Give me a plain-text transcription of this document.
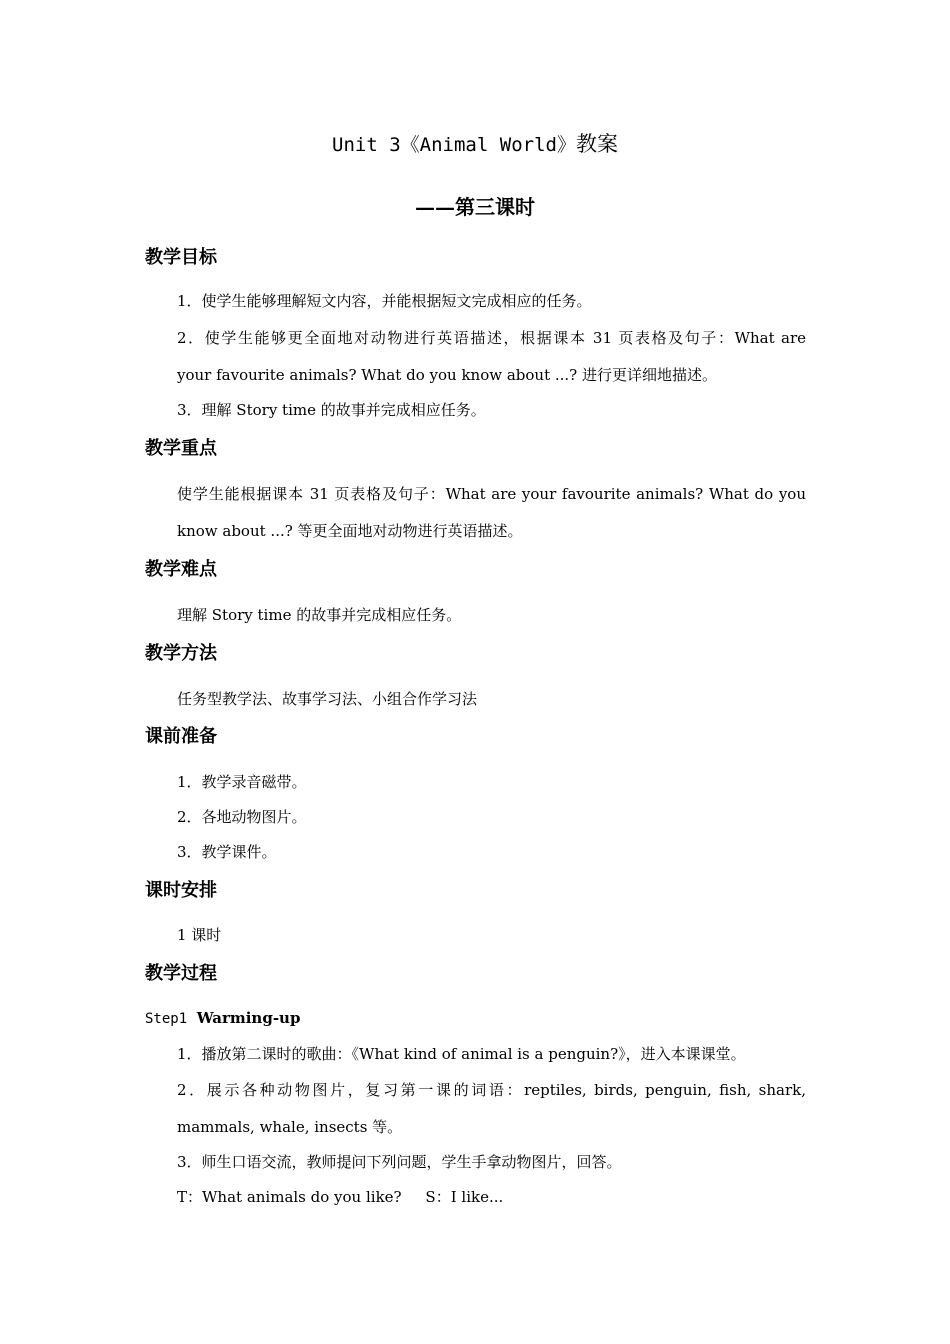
Unit 3《Animal World》教案
——第三课时
教学目标
1．使学生能够理解短文内容，并能根据短文完成相应的任务。
2．使学生能够更全面地对动物进行英语描述，根据课本 31 页表格及句子：What are
your favourite animals? What do you know about ...? 进行更详细地描述。
3．理解 Story time 的故事并完成相应任务。
教学重点
使学生能根据课本 31 页表格及句子：What are your favourite animals? What do you
know about ...? 等更全面地对动物进行英语描述。
教学难点
理解 Story time 的故事并完成相应任务。
教学方法
任务型教学法、故事学习法、小组合作学习法
课前准备
1．教学录音磁带。
2．各地动物图片。
3．教学课件。
课时安排
1 课时
教学过程
Step1 Warming-up
1．播放第二课时的歌曲：《What kind of animal is a penguin?》，进入本课课堂。
2．展示各种动物图片，复习第一课的词语：reptiles, birds, penguin, fish, shark,
mammals, whale, insects 等。
3．师生口语交流，教师提问下列问题，学生手拿动物图片，回答。
T：What animals do you like?     S：I like...
